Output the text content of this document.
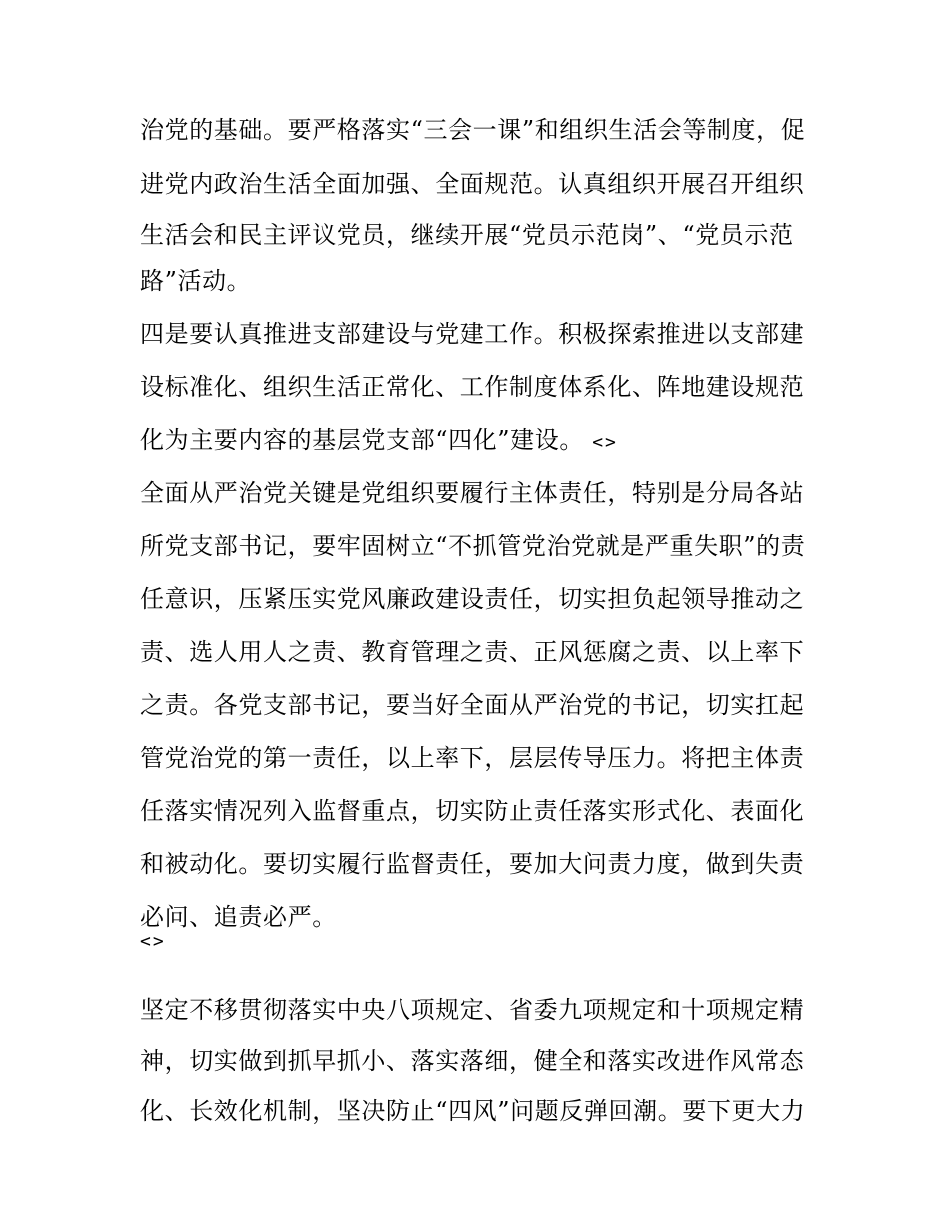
治党的基础。要严格落实“三会一课”和组织生活会等制度，促

进党内政治生活全面加强、全面规范。认真组织开展召开组织

生活会和民主评议党员，继续开展“党员示范岗”、“党员示范

路”活动。

四是要认真推进支部建设与党建工作。积极探索推进以支部建

设标准化、组织生活正常化、工作制度体系化、阵地建设规范

化为主要内容的基层党支部“四化”建设。 <>

全面从严治党关键是党组织要履行主体责任，特别是分局各站

所党支部书记，要牢固树立“不抓管党治党就是严重失职”的责

任意识，压紧压实党风廉政建设责任，切实担负起领导推动之

责、选人用人之责、教育管理之责、正风惩腐之责、以上率下

之责。各党支部书记，要当好全面从严治党的书记，切实扛起

管党治党的第一责任，以上率下，层层传导压力。将把主体责

任落实情况列入监督重点，切实防止责任落实形式化、表面化

和被动化。要切实履行监督责任，要加大问责力度，做到失责

必问、追责必严。

<>

坚定不移贯彻落实中央八项规定、省委九项规定和十项规定精

神，切实做到抓早抓小、落实落细，健全和落实改进作风常态

化、长效化机制，坚决防止“四风”问题反弹回潮。要下更大力
